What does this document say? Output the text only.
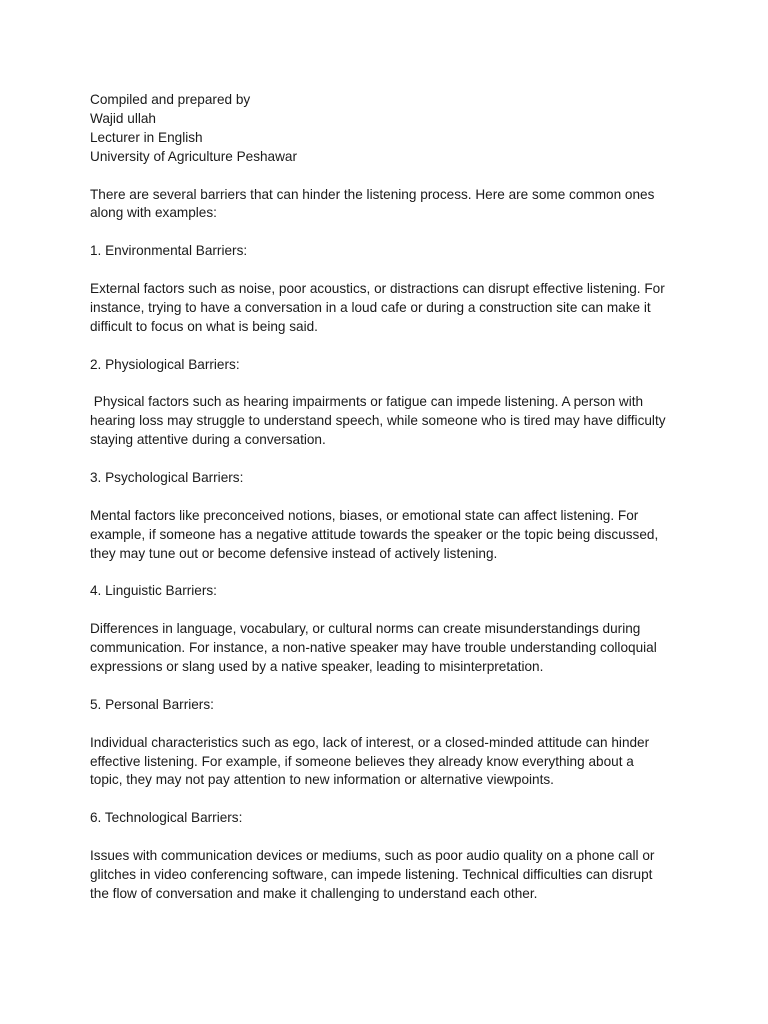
Compiled and prepared by
Wajid ullah
Lecturer in English
University of Agriculture Peshawar
There are several barriers that can hinder the listening process. Here are some common ones
along with examples:
1. Environmental Barriers:
External factors such as noise, poor acoustics, or distractions can disrupt effective listening. For
instance, trying to have a conversation in a loud cafe or during a construction site can make it
difficult to focus on what is being said.
2. Physiological Barriers:
Physical factors such as hearing impairments or fatigue can impede listening. A person with
hearing loss may struggle to understand speech, while someone who is tired may have difficulty
staying attentive during a conversation.
3. Psychological Barriers:
Mental factors like preconceived notions, biases, or emotional state can affect listening. For
example, if someone has a negative attitude towards the speaker or the topic being discussed,
they may tune out or become defensive instead of actively listening.
4. Linguistic Barriers:
Differences in language, vocabulary, or cultural norms can create misunderstandings during
communication. For instance, a non-native speaker may have trouble understanding colloquial
expressions or slang used by a native speaker, leading to misinterpretation.
5. Personal Barriers:
Individual characteristics such as ego, lack of interest, or a closed-minded attitude can hinder
effective listening. For example, if someone believes they already know everything about a
topic, they may not pay attention to new information or alternative viewpoints.
6. Technological Barriers:
Issues with communication devices or mediums, such as poor audio quality on a phone call or
glitches in video conferencing software, can impede listening. Technical difficulties can disrupt
the flow of conversation and make it challenging to understand each other.
